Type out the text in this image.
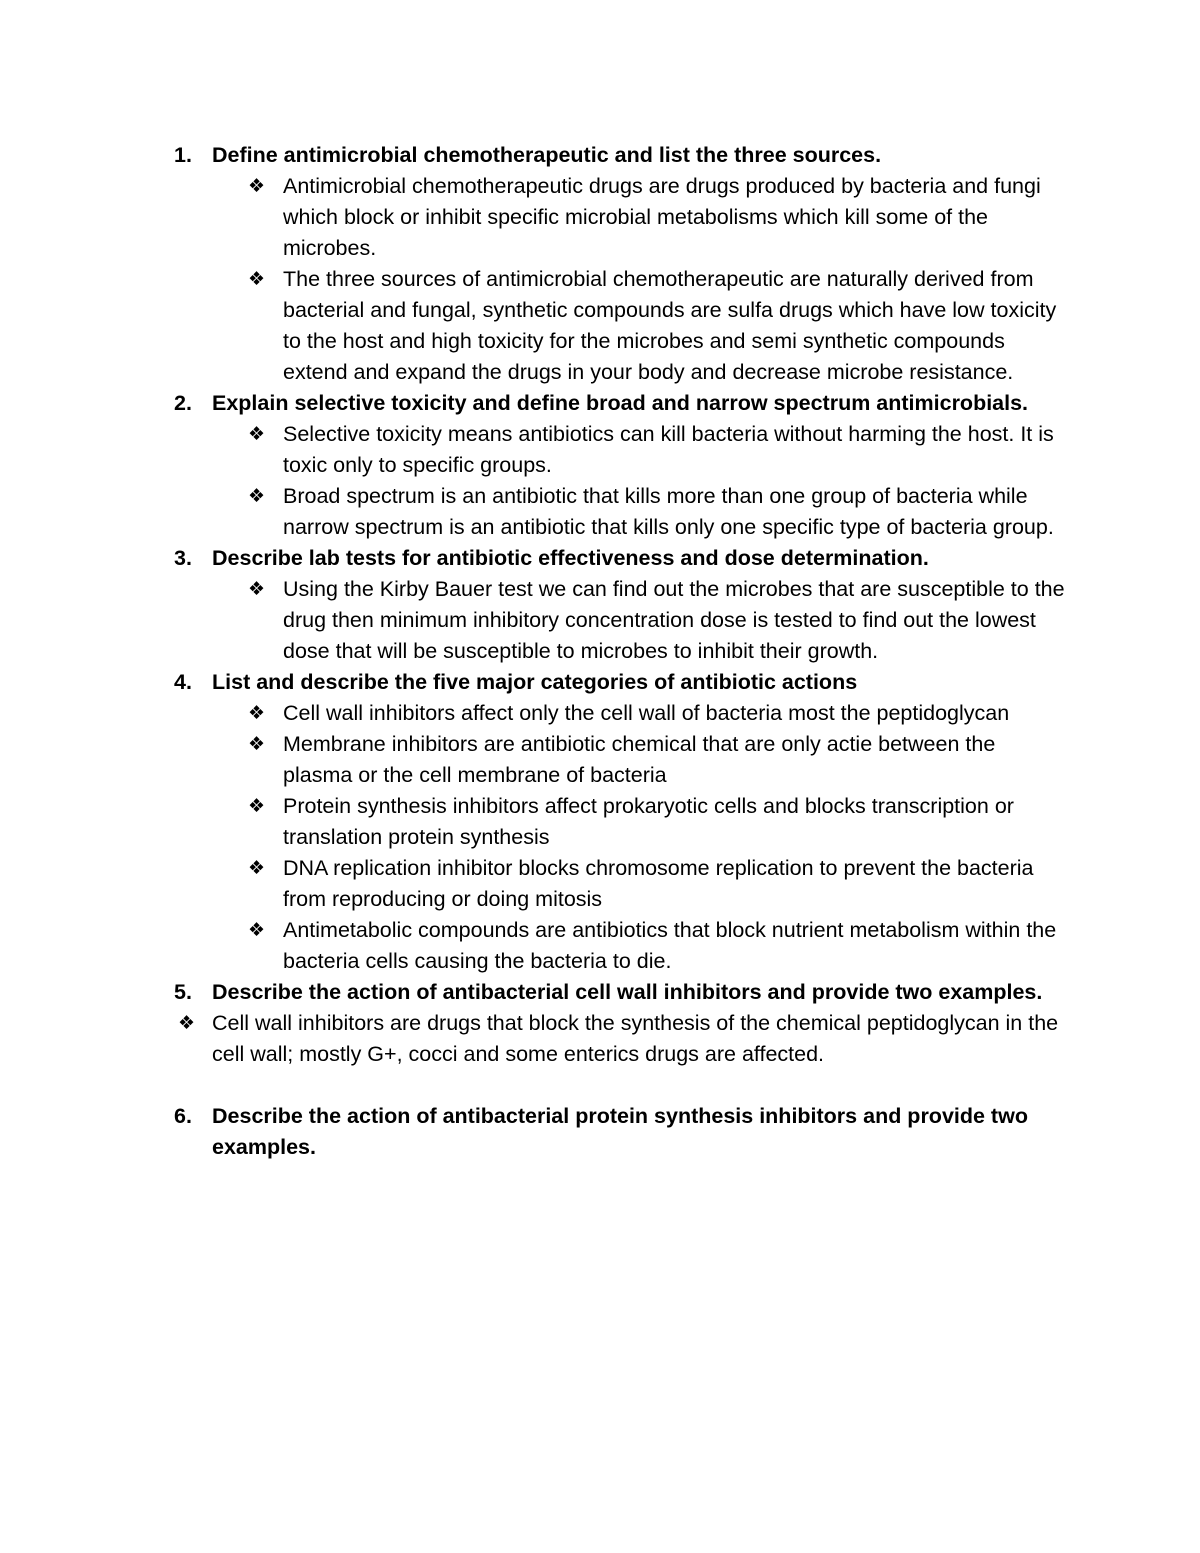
1. Define antimicrobial chemotherapeutic and list the three sources.
❖ Antimicrobial chemotherapeutic drugs are drugs produced by bacteria and fungi which block or inhibit specific microbial metabolisms which kill some of the microbes.
❖ The three sources of antimicrobial chemotherapeutic are naturally derived from bacterial and fungal, synthetic compounds are sulfa drugs which have low toxicity to the host and high toxicity for the microbes and semi synthetic compounds extend and expand the drugs in your body and decrease microbe resistance.
2. Explain selective toxicity and define broad and narrow spectrum antimicrobials.
❖ Selective toxicity means antibiotics can kill bacteria without harming the host. It is toxic only to specific groups.
❖ Broad spectrum is an antibiotic that kills more than one group of bacteria while narrow spectrum is an antibiotic that kills only one specific type of bacteria group.
3. Describe lab tests for antibiotic effectiveness and dose determination.
❖ Using the Kirby Bauer test we can find out the microbes that are susceptible to the drug then minimum inhibitory concentration dose is tested to find out the lowest dose that will be susceptible to microbes to inhibit their growth.
4. List and describe the five major categories of antibiotic actions
❖ Cell wall inhibitors affect only the cell wall of bacteria most the peptidoglycan
❖ Membrane inhibitors are antibiotic chemical that are only actie between the plasma or the cell membrane of bacteria
❖ Protein synthesis inhibitors affect prokaryotic cells and blocks transcription or translation protein synthesis
❖ DNA replication inhibitor blocks chromosome replication to prevent the bacteria from reproducing or doing mitosis
❖ Antimetabolic compounds are antibiotics that block nutrient metabolism within the bacteria cells causing the bacteria to die.
5. Describe the action of antibacterial cell wall inhibitors and provide two examples.
❖ Cell wall inhibitors are drugs that block the synthesis of the chemical peptidoglycan in the cell wall; mostly G+, cocci and some enterics drugs are affected.
6. Describe the action of antibacterial protein synthesis inhibitors and provide two examples.
